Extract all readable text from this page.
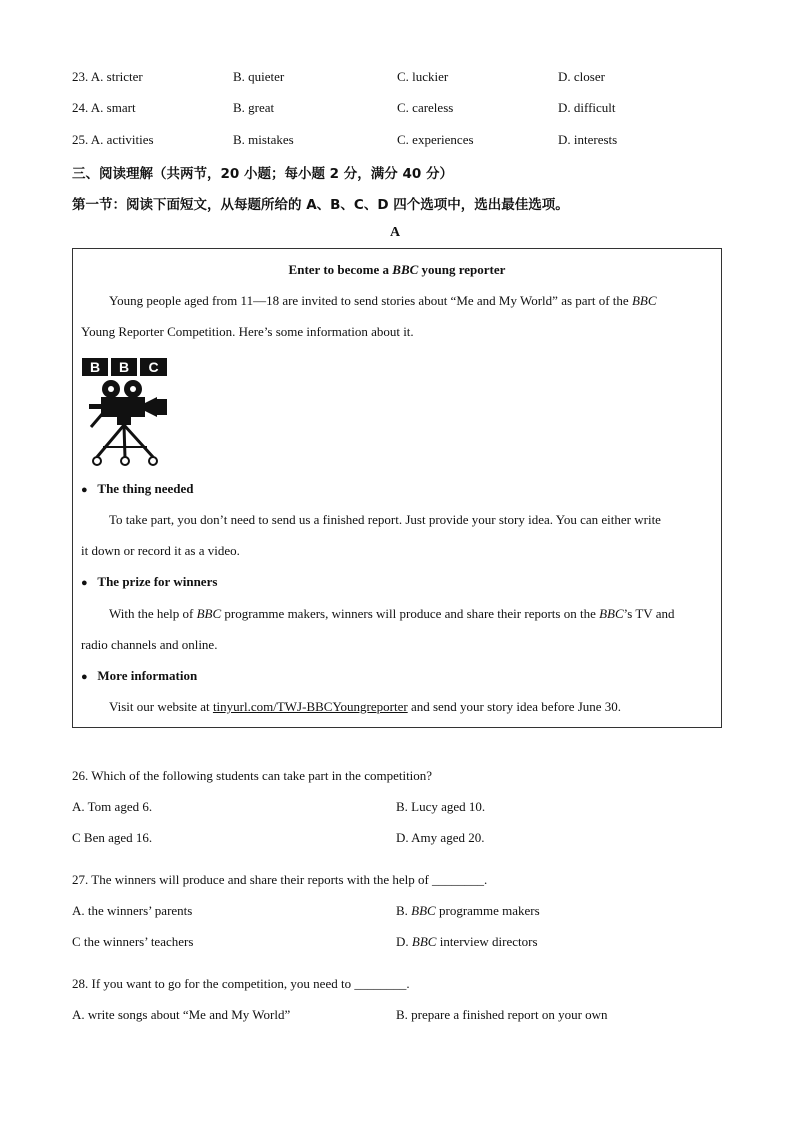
23. A. stricter	B. quieter	C. luckier	D. closer
24. A. smart	B. great	C. careless	D. difficult
25. A. activities	B. mistakes	C. experiences	D. interests
三、阅读理解（共两节，20 小题；每小题 2 分，满分 40 分）
第一节：阅读下面短文，从每题所给的 A、B、C、D 四个选项中，选出最佳选项。
A
Enter to become a BBC young reporter
Young people aged from 11—18 are invited to send stories about “Me and My World” as part of the BBC
Young Reporter Competition. Here’s some information about it.
B B C
● The thing needed
To take part, you don’t need to send us a finished report. Just provide your story idea. You can either write
it down or record it as a video.
● The prize for winners
With the help of BBC programme makers, winners will produce and share their reports on the BBC’s TV and
radio channels and online.
● More information
Visit our website at tinyurl.com/TWJ-BBCYoungreporter and send your story idea before June 30.
26. Which of the following students can take part in the competition?
A. Tom aged 6.	B. Lucy aged 10.
C Ben aged 16.	D. Amy aged 20.
27. The winners will produce and share their reports with the help of ________.
A. the winners’ parents	B. BBC programme makers
C the winners’ teachers	D. BBC interview directors
28. If you want to go for the competition, you need to ________.
A. write songs about “Me and My World”	B. prepare a finished report on your own
